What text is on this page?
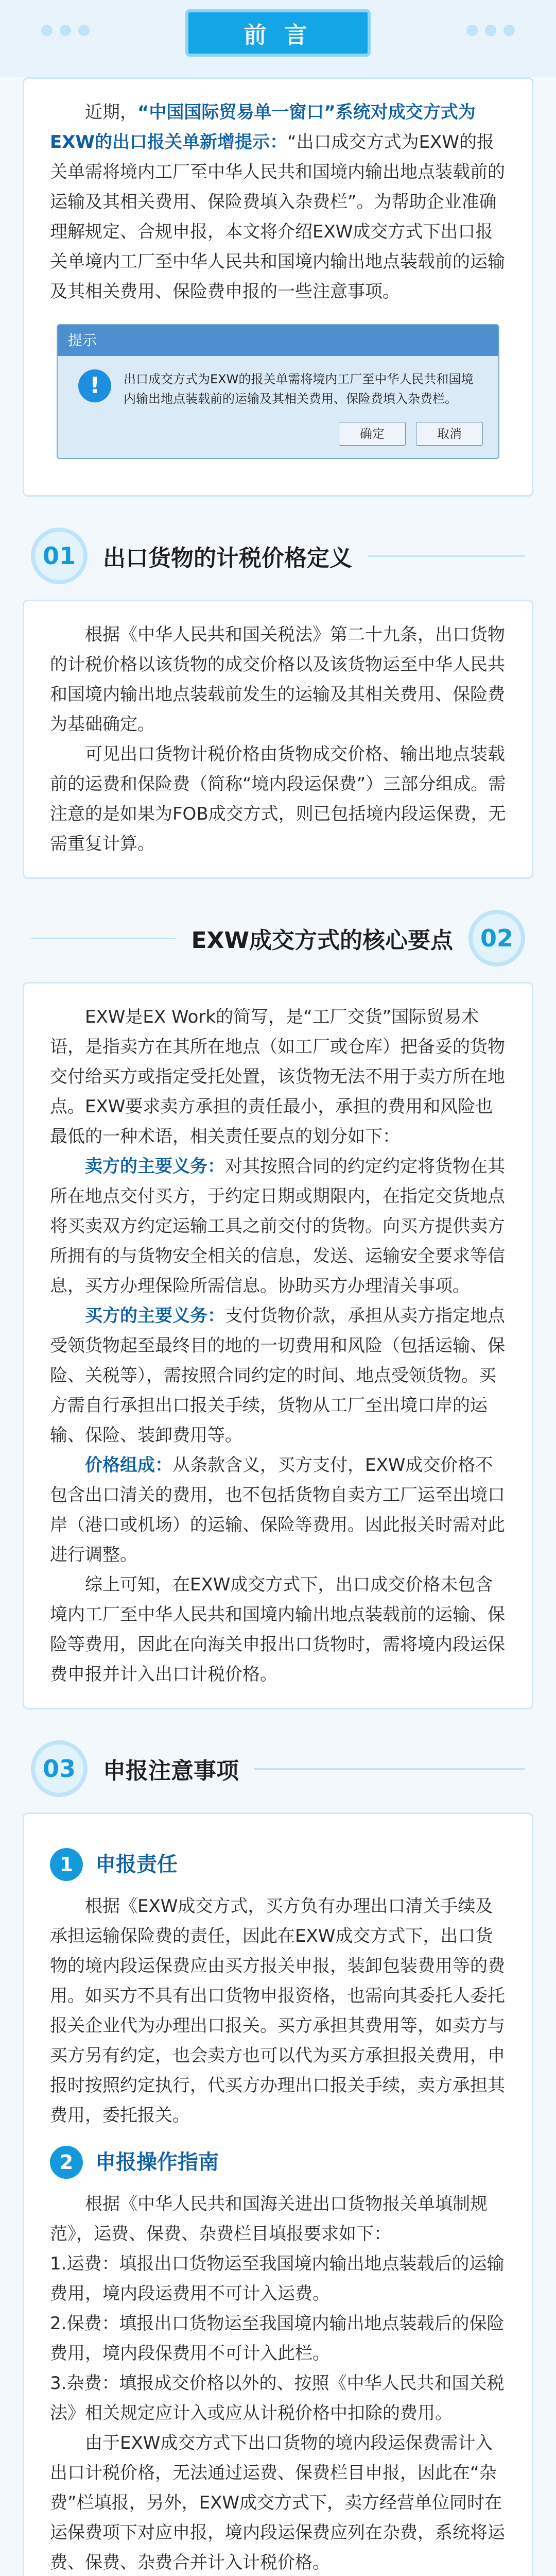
前 言

近期，“中国国际贸易单一窗口”系统对成交方式为EXW的出口报关单新增提示：“出口成交方式为EXW的报关单需将境内工厂至中华人民共和国境内输出地点装载前的运输及其相关费用、保险费填入杂费栏”。为帮助企业准确理解规定、合规申报，本文将介绍EXW成交方式下出口报关单境内工厂至中华人民共和国境内输出地点装载前的运输及其相关费用、保险费申报的一些注意事项。

提示
!	出口成交方式为EXW的报关单需将境内工厂至中华人民共和国境内输出地点装载前的运输及其相关费用、保险费填入杂费栏。
确定	取消
01	出口货物的计税价格定义

根据《中华人民共和国关税法》第二十九条，出口货物的计税价格以该货物的成交价格以及该货物运至中华人民共和国境内输出地点装载前发生的运输及其相关费用、保险费为基础确定。

可见出口货物计税价格由货物成交价格、输出地点装载前的运费和保险费（简称“境内段运保费”）三部分组成。需注意的是如果为FOB成交方式，则已包括境内段运保费，无需重复计算。

02
EXW成交方式的核心要点

EXW是EX Work的简写，是“工厂交货”国际贸易术语，是指卖方在其所在地点（如工厂或仓库）把备妥的货物交付给买方或指定受托处置，该货物无法不用于卖方所在地点。EXW要求卖方承担的责任最小，承担的费用和风险也最低的一种术语，相关责任要点的划分如下：

卖方的主要义务：对其按照合同的约定约定将货物在其所在地点交付买方，于约定日期或期限内，在指定交货地点将买卖双方约定运输工具之前交付的货物。向买方提供卖方所拥有的与货物安全相关的信息，发送、运输安全要求等信息，买方办理保险所需信息。协助买方办理清关事项。

买方的主要义务：支付货物价款，承担从卖方指定地点受领货物起至最终目的地的一切费用和风险（包括运输、保险、关税等），需按照合同约定的时间、地点受领货物。买方需自行承担出口报关手续，货物从工厂至出境口岸的运输、保险、装卸费用等。

价格组成：从条款含义，买方支付，EXW成交价格不包含出口清关的费用，也不包括货物自卖方工厂运至出境口岸（港口或机场）的运输、保险等费用。因此报关时需对此进行调整。

综上可知，在EXW成交方式下，出口成交价格未包含境内工厂至中华人民共和国境内输出地点装载前的运输、保险等费用，因此在向海关申报出口货物时，需将境内段运保费申报并计入出口计税价格。

03	申报注意事项
1	申报责任

根据《EXW成交方式，买方负有办理出口清关手续及承担运输保险费的责任，因此在EXW成交方式下，出口货物的境内段运保费应由买方报关申报，装卸包装费用等的费用。如买方不具有出口货物申报资格，也需向其委托人委托报关企业代为办理出口报关。买方承担其费用等，如卖方与买方另有约定，也会卖方也可以代为买方承担报关费用，申报时按照约定执行，代买方办理出口报关手续，卖方承担其费用，委托报关。

2	申报操作指南

根据《中华人民共和国海关进出口货物报关单填制规范》，运费、保费、杂费栏目填报要求如下：

1.运费：填报出口货物运至我国境内输出地点装载后的运输费用，境内段运费用不可计入运费。

2.保费：填报出口货物运至我国境内输出地点装载后的保险费用，境内段保费用不可计入此栏。

3.杂费：填报成交价格以外的、按照《中华人民共和国关税法》相关规定应计入或应从计税价格中扣除的费用。

由于EXW成交方式下出口货物的境内段运保费需计入出口计税价格，无法通过运费、保费栏目申报，因此在“杂费”栏填报，另外，EXW成交方式下，卖方经营单位同时在运保费项下对应申报，境内段运保费应列在杂费，系统将运费、保费、杂费合并计入计税价格。
